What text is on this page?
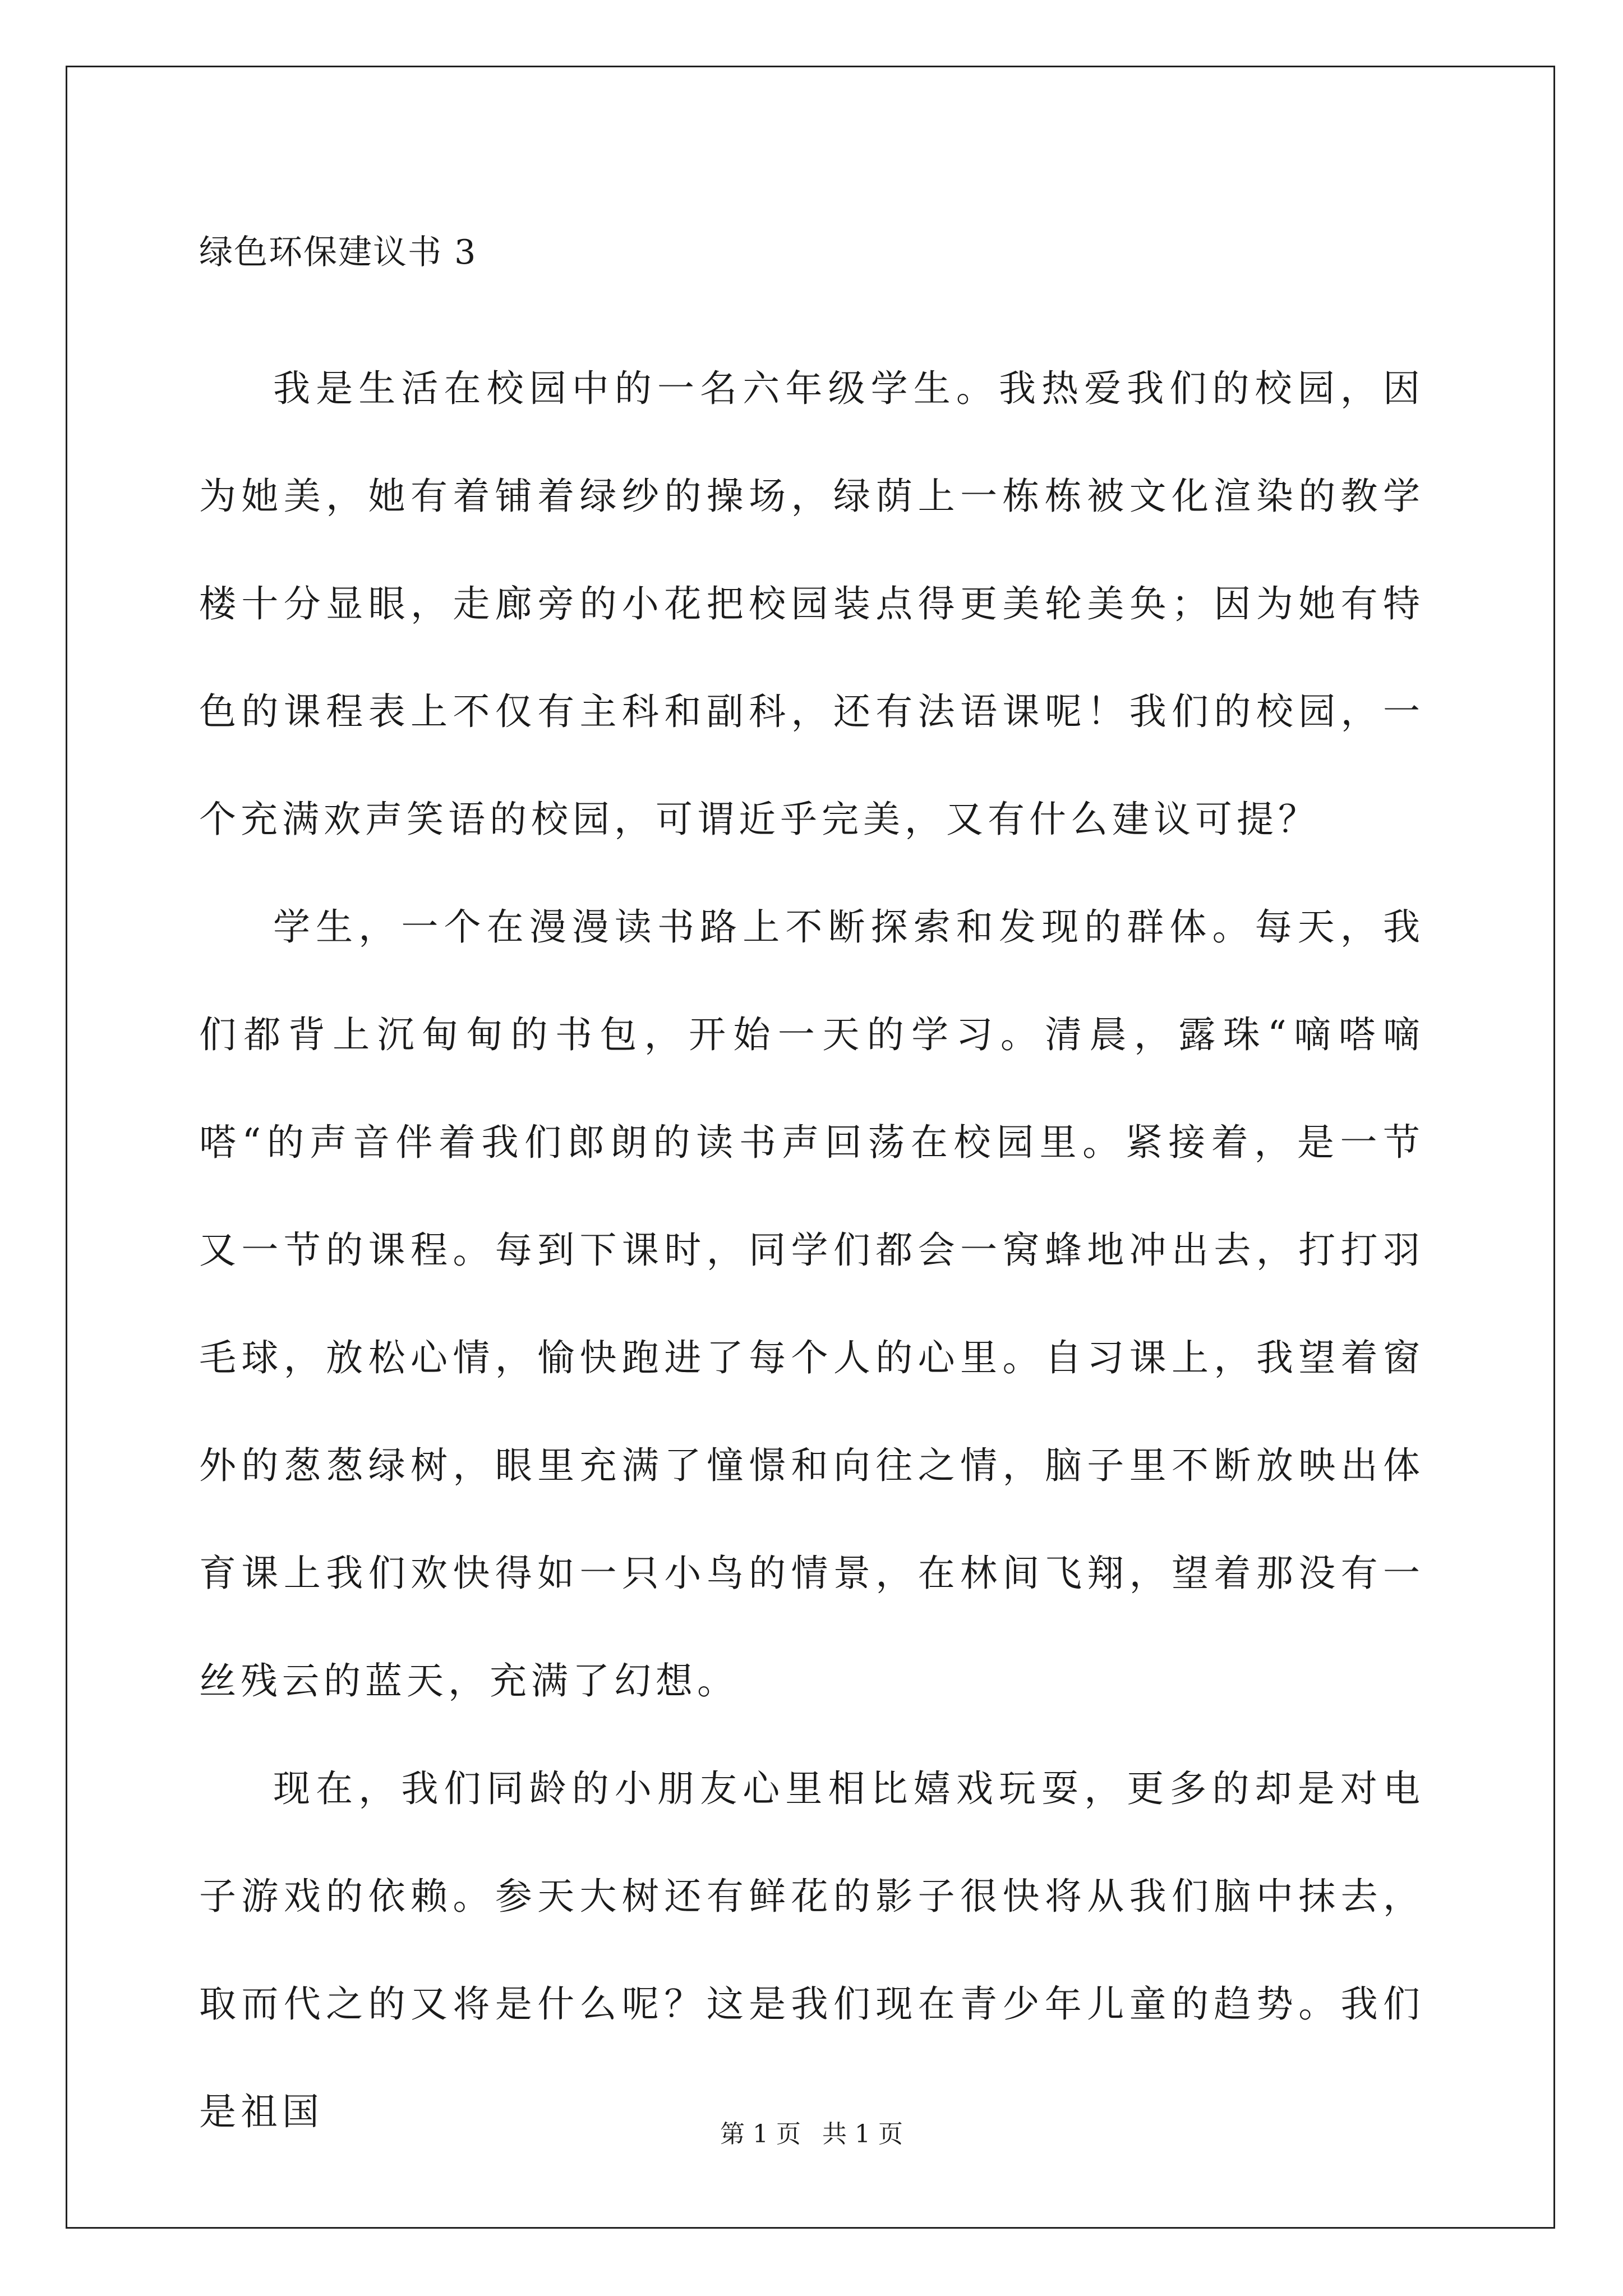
绿色环保建议书 3

我是生活在校园中的一名六年级学生。我热爱我们的校园，因为她美，她有着铺着绿纱的操场，绿荫上一栋栋被文化渲染的教学楼十分显眼，走廊旁的小花把校园装点得更美轮美奂；因为她有特色的课程表上不仅有主科和副科，还有法语课呢！我们的校园，一个充满欢声笑语的校园，可谓近乎完美，又有什么建议可提？

学生，一个在漫漫读书路上不断探索和发现的群体。每天，我们都背上沉甸甸的书包，开始一天的学习。清晨，露珠“嘀嗒嘀嗒“的声音伴着我们郎朗的读书声回荡在校园里。紧接着，是一节又一节的课程。每到下课时，同学们都会一窝蜂地冲出去，打打羽毛球，放松心情，愉快跑进了每个人的心里。自习课上，我望着窗外的葱葱绿树，眼里充满了憧憬和向往之情，脑子里不断放映出体育课上我们欢快得如一只小鸟的情景，在林间飞翔，望着那没有一丝残云的蓝天，充满了幻想。

现在，我们同龄的小朋友心里相比嬉戏玩耍，更多的却是对电子游戏的依赖。参天大树还有鲜花的影子很快将从我们脑中抹去，取而代之的又将是什么呢？这是我们现在青少年儿童的趋势。我们是祖国

第 1 页 共 1 页
